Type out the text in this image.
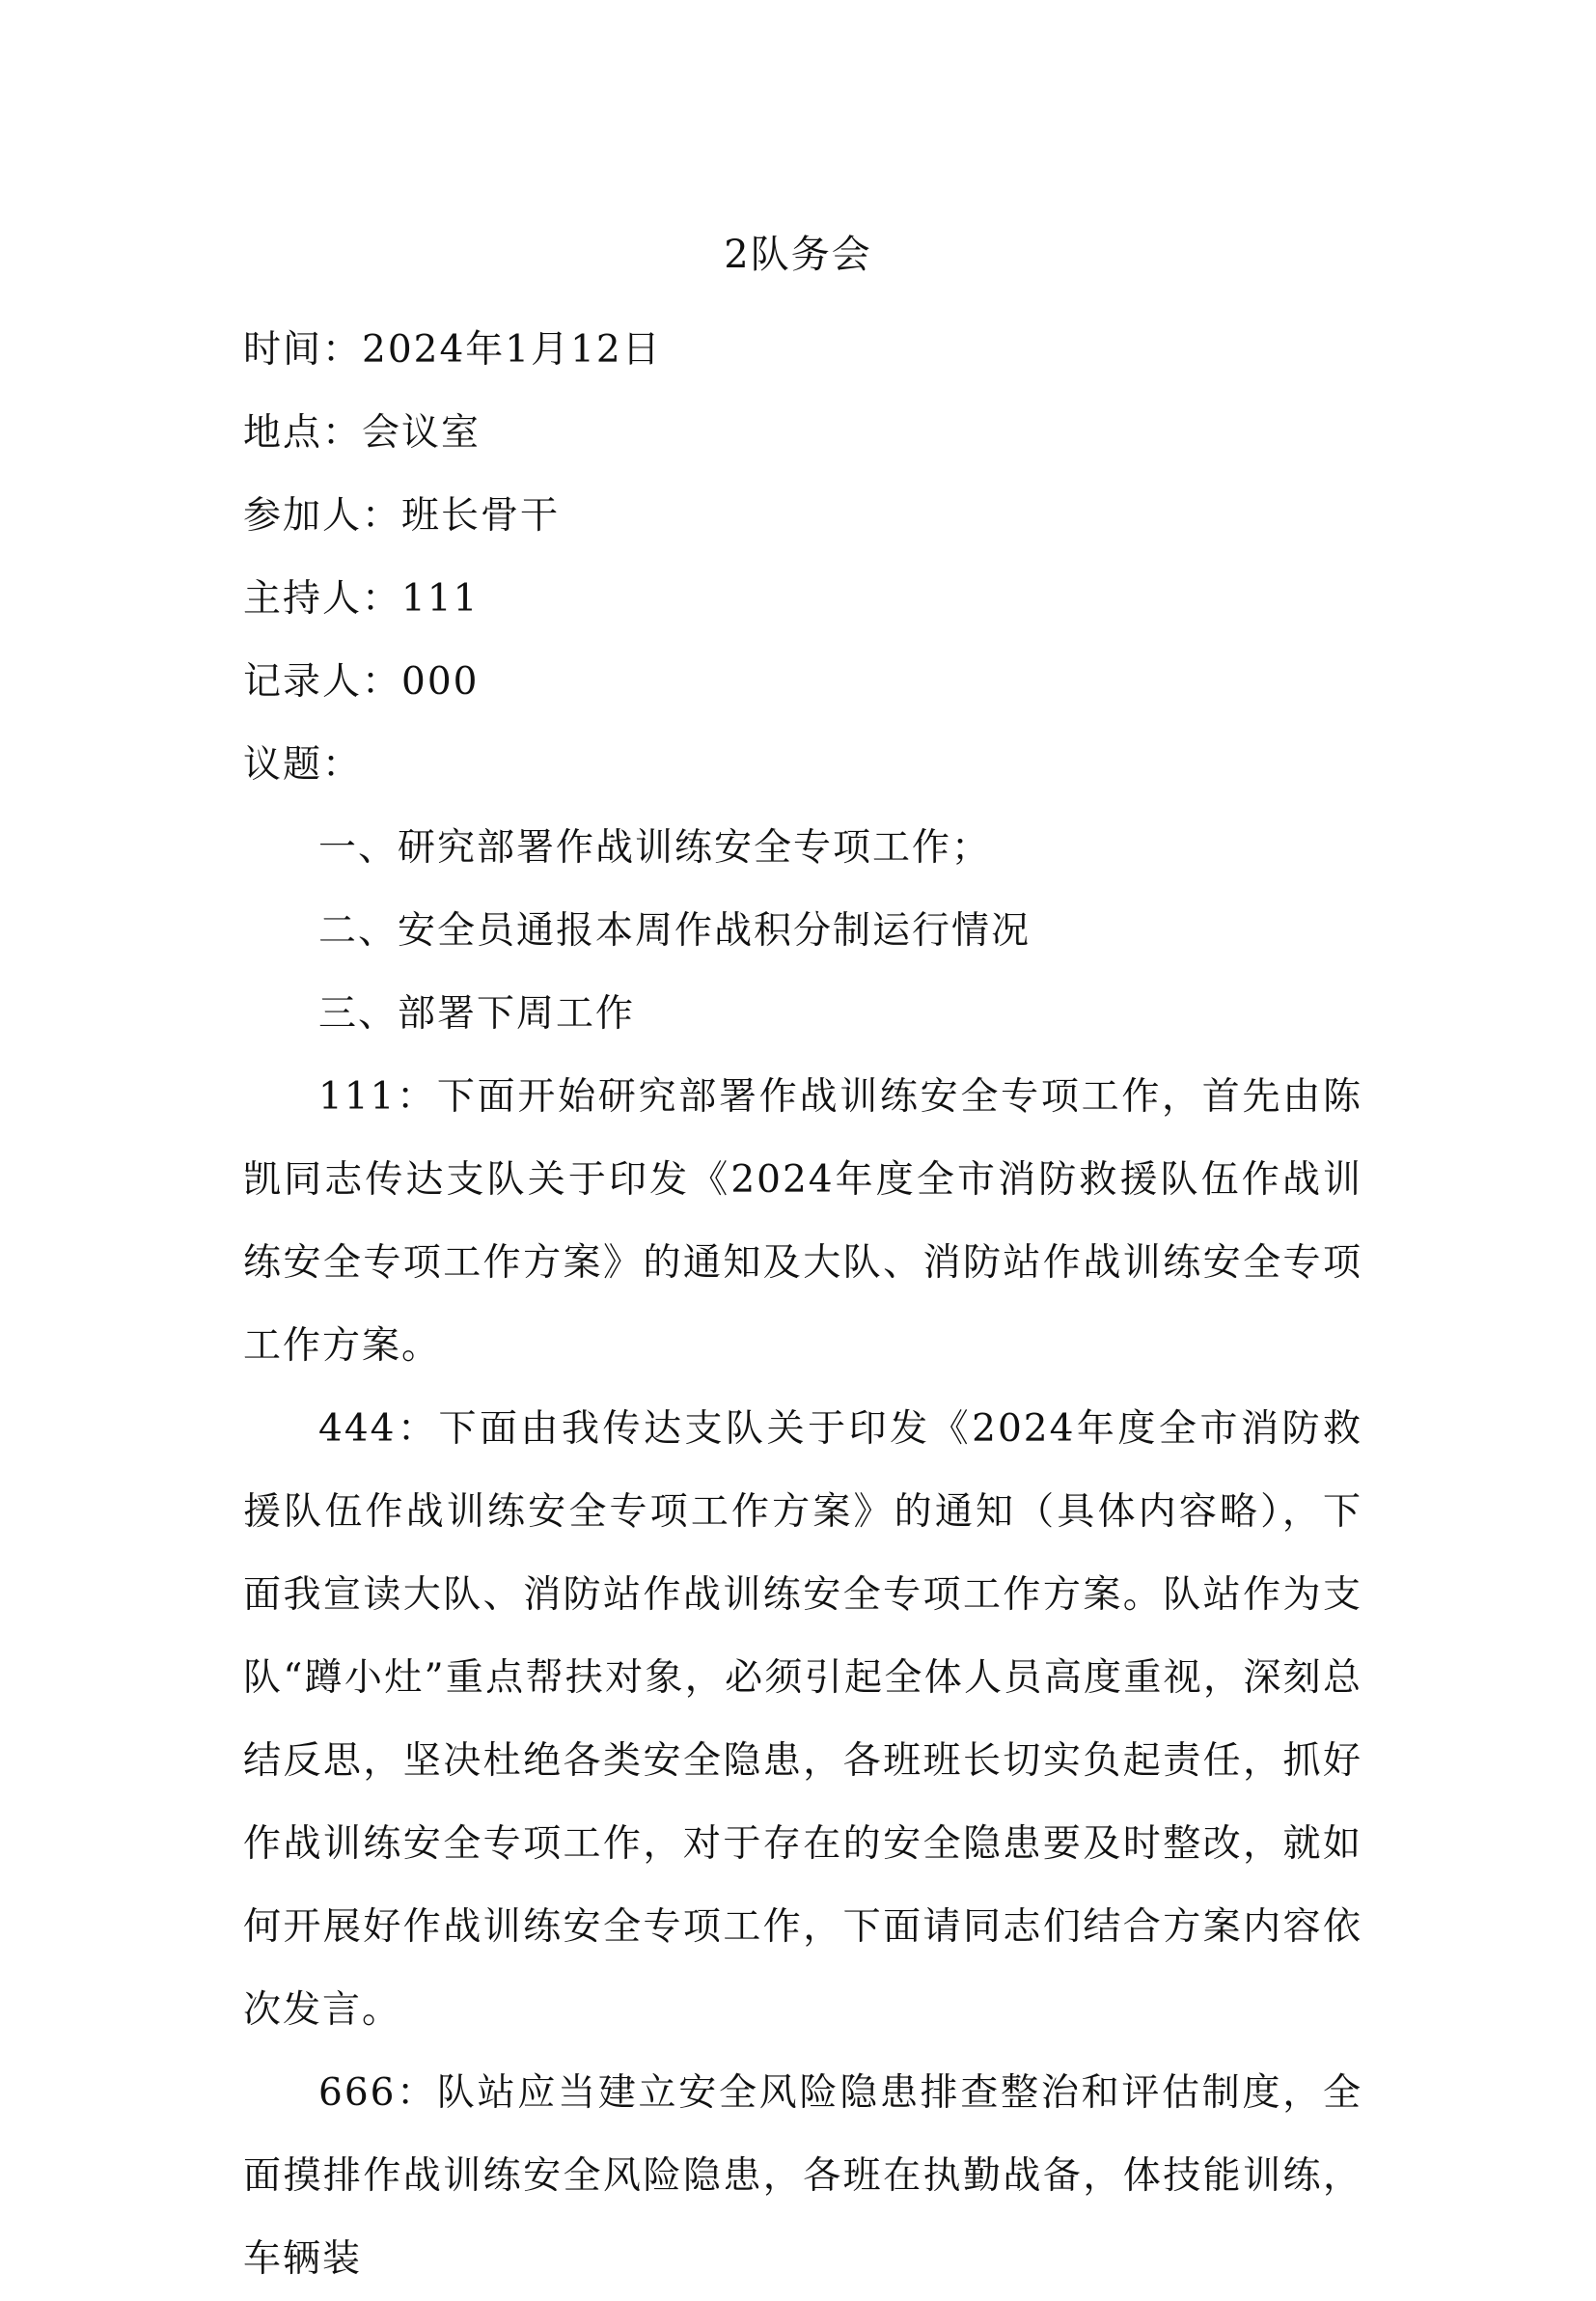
2队务会
时间：2024年1月12日
地点：会议室
参加人：班长骨干
主持人：111
记录人：000
议题：
一、研究部署作战训练安全专项工作；
二、安全员通报本周作战积分制运行情况
三、部署下周工作

111：下面开始研究部署作战训练安全专项工作，首先由陈凯同志传达支队关于印发《2024年度全市消防救援队伍作战训练安全专项工作方案》的通知及大队、消防站作战训练安全专项工作方案。

444：下面由我传达支队关于印发《2024年度全市消防救援队伍作战训练安全专项工作方案》的通知（具体内容略），下面我宣读大队、消防站作战训练安全专项工作方案。队站作为支队“蹲小灶”重点帮扶对象，必须引起全体人员高度重视，深刻总结反思，坚决杜绝各类安全隐患，各班班长切实负起责任，抓好作战训练安全专项工作，对于存在的安全隐患要及时整改，就如何开展好作战训练安全专项工作，下面请同志们结合方案内容依次发言。

666：队站应当建立安全风险隐患排查整治和评估制度，全面摸排作战训练安全风险隐患，各班在执勤战备，体技能训练，车辆装
